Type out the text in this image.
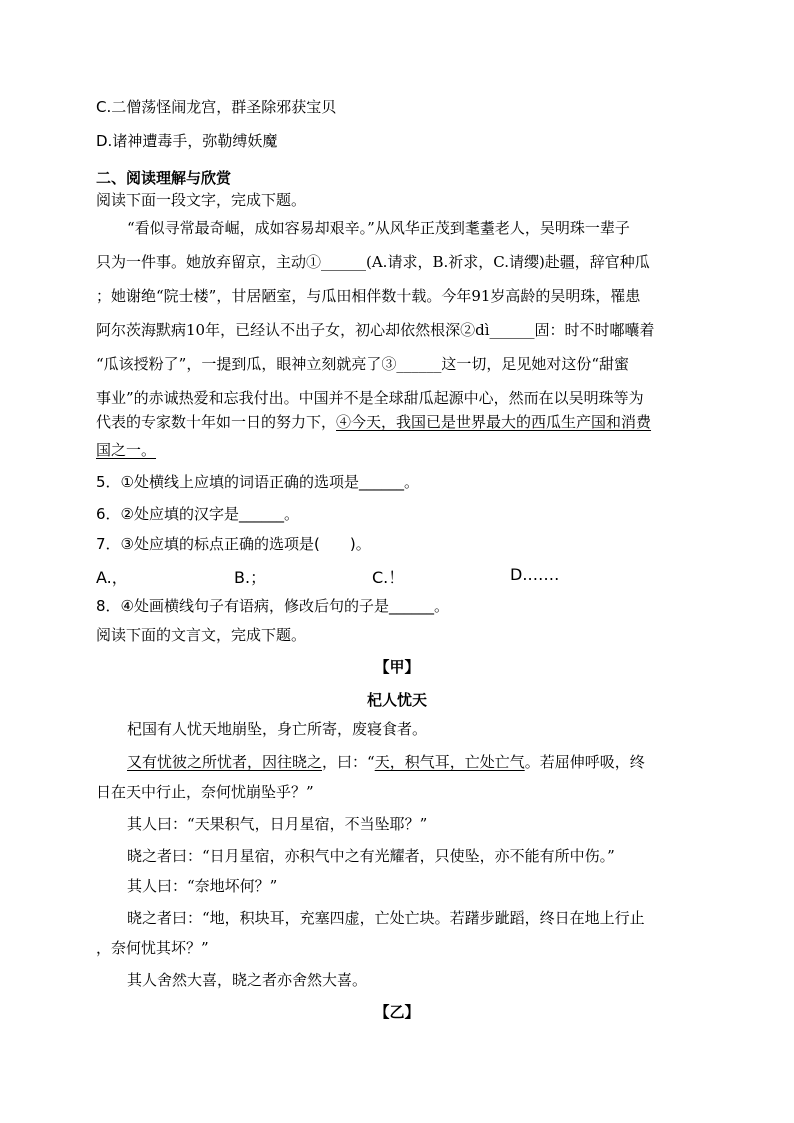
C.二僧荡怪闹龙宫，群圣除邪获宝贝
D.诸神遭毒手，弥勒缚妖魔
二、阅读理解与欣赏
阅读下面一段文字，完成下题。
“看似寻常最奇崛，成如容易却艰辛。”从风华正茂到耄耋老人，吴明珠一辈子
只为一件事。她放弃留京，主动①______(A.请求，B.祈求，C.请缨)赴疆，辞官种瓜
；她谢绝“院士楼”，甘居陋室，与瓜田相伴数十载。今年91岁高龄的吴明珠，罹患
阿尔茨海默病10年，已经认不出子女，初心却依然根深②dì______固：时不时嘟囔着
“瓜该授粉了”，一提到瓜，眼神立刻就亮了③______这一切，足见她对这份“甜蜜
事业”的赤诚热爱和忘我付出。中国并不是全球甜瓜起源中心，然而在以吴明珠等为
代表的专家数十年如一日的努力下，④今天，我国已是世界最大的西瓜生产国和消费
国之一。
5．①处横线上应填的词语正确的选项是______。
6．②处应填的汉字是______。
7．③处应填的标点正确的选项是(　　)。
A.，	B.；	C.！	D.……
8．④处画横线句子有语病，修改后句的子是______。
阅读下面的文言文，完成下题。
【甲】
杞人忧天
杞国有人忧天地崩坠，身亡所寄，废寝食者。
又有忧彼之所忧者，因往晓之，曰：“天，积气耳，亡处亡气。若屈伸呼吸，终
日在天中行止，奈何忧崩坠乎？”
其人曰：“天果积气，日月星宿，不当坠耶？”
晓之者曰：“日月星宿，亦积气中之有光耀者，只使坠，亦不能有所中伤。”
其人曰：“奈地坏何？”
晓之者曰：“地，积块耳，充塞四虚，亡处亡块。若躇步跐蹈，终日在地上行止
，奈何忧其坏？”
其人舍然大喜，晓之者亦舍然大喜。
【乙】
